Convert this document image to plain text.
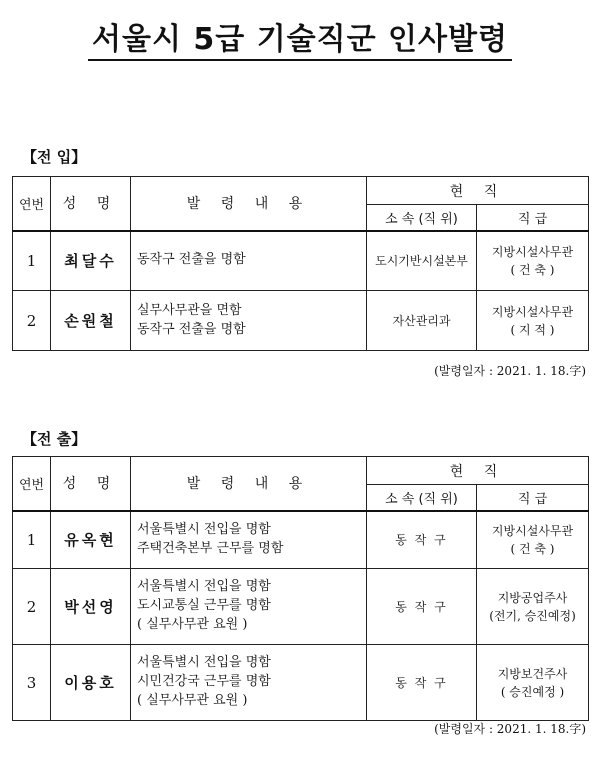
서울시 5급 기술직군 인사발령
【전 입】
연번	성 명	발 령 내 용	현 직	
			소 속 (직 위)	직 급
1	최달수	동작구 전출을 명함	도시기반시설본부	지방시설사무관
( 건 축 )

2	손원철	실무사무관을 면함
동작구 전출을 명함	자산관리과	지방시설사무관
( 지 적 )
(발령일자 : 2021. 1. 18.字)
【전 출】
연번	성 명	발 령 내 용	현 직	
			소 속 (직 위)	직 급
1	유옥현	서울특별시 전입을 명함
주택건축본부 근무를 명함	동 작 구	지방시설사무관
( 건 축 )

2	박선영	서울특별시 전입을 명함
도시교통실 근무를 명함
( 실무사무관 요원 )	동 작 구	지방공업주사
(전기, 승진예정)

3	이용호	서울특별시 전입을 명함
시민건강국 근무를 명함
( 실무사무관 요원 )	동 작 구	지방보건주사
( 승진예정 )
(발령일자 : 2021. 1. 18.字)
